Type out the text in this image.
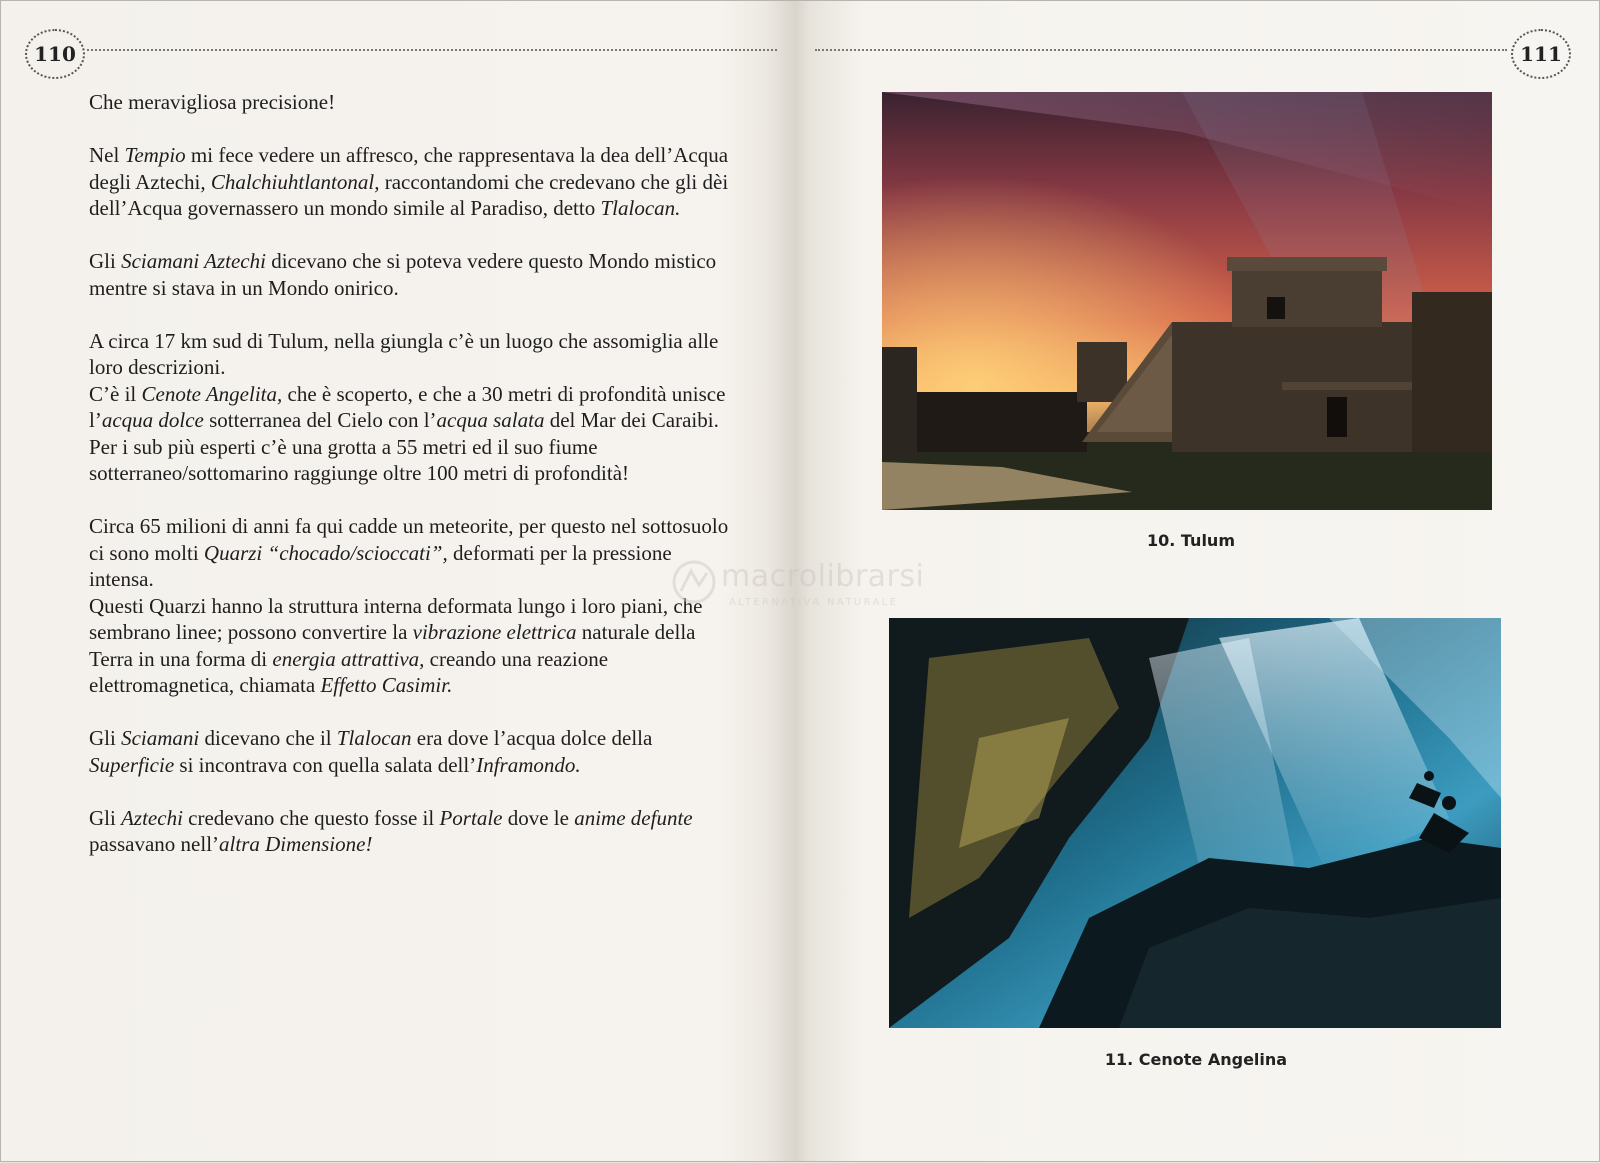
110

Che meravigliosa precisione!

Nel Tempio mi fece vedere un affresco, che rappresentava la dea dell’Acqua degli Aztechi, Chalchiuhtlantonal, raccontandomi che credevano che gli dèi dell’Acqua governassero un mondo simile al Paradiso, detto Tlalocan.

Gli Sciamani Aztechi dicevano che si poteva vedere questo Mondo mistico mentre si stava in un Mondo onirico.

A circa 17 km sud di Tulum, nella giungla c’è un luogo che assomiglia alle loro descrizioni.

C’è il Cenote Angelita, che è scoperto, e che a 30 metri di profondità unisce l’acqua dolce sotterranea del Cielo con l’acqua salata del Mar dei Caraibi.

Per i sub più esperti c’è una grotta a 55 metri ed il suo fiume sotterraneo/sottomarino raggiunge oltre 100 metri di profondità!

Circa 65 milioni di anni fa qui cadde un meteorite, per questo nel sottosuolo ci sono molti Quarzi “chocado/scioccati”, deformati per la pressione intensa.

Questi Quarzi hanno la struttura interna deformata lungo i loro piani, che sembrano linee; possono convertire la vibrazione elettrica naturale della Terra in una forma di energia attrattiva, creando una reazione elettromagnetica, chiamata Effetto Casimir.

Gli Sciamani dicevano che il Tlalocan era dove l’acqua dolce della Superficie si incontrava con quella salata dell’Inframondo.

Gli Aztechi credevano che questo fosse il Portale dove le anime defunte passavano nell’altra Dimensione!

111
10. Tulum
11. Cenote Angelina
macrolibrarsi
ALTERNATIVA NATURALE
